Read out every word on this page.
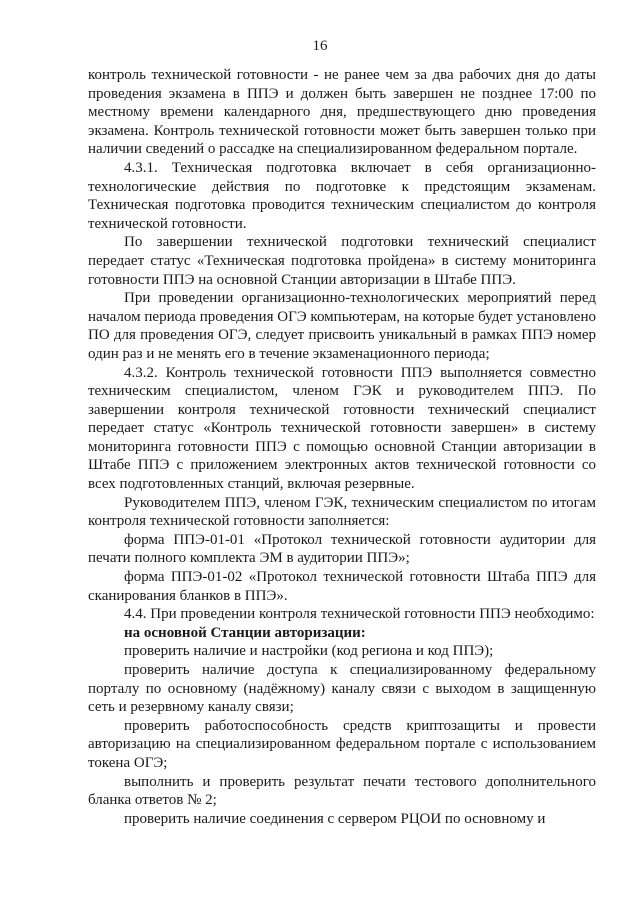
16

контроль технической готовности - не ранее чем за два рабочих дня до даты проведения экзамена в ППЭ и должен быть завершен не позднее 17:00 по местному времени календарного дня, предшествующего дню проведения экзамена. Контроль технической готовности может быть завершен только при наличии сведений о рассадке на специализированном федеральном портале.

4.3.1. Техническая подготовка включает в себя организационно-технологические действия по подготовке к предстоящим экзаменам. Техническая подготовка проводится техническим специалистом до контроля технической готовности.

По завершении технической подготовки технический специалист передает статус «Техническая подготовка пройдена» в систему мониторинга готовности ППЭ на основной Станции авторизации в Штабе ППЭ.

При проведении организационно-технологических мероприятий перед началом периода проведения ОГЭ компьютерам, на которые будет установлено ПО для проведения ОГЭ, следует присвоить уникальный в рамках ППЭ номер один раз и не менять его в течение экзаменационного периода;

4.3.2. Контроль технической готовности ППЭ выполняется совместно техническим специалистом, членом ГЭК и руководителем ППЭ. По завершении контроля технической готовности технический специалист передает статус «Контроль технической готовности завершен» в систему мониторинга готовности ППЭ с помощью основной Станции авторизации в Штабе ППЭ с приложением электронных актов технической готовности со всех подготовленных станций, включая резервные.

Руководителем ППЭ, членом ГЭК, техническим специалистом по итогам контроля технической готовности заполняется:

форма ППЭ-01-01 «Протокол технической готовности аудитории для печати полного комплекта ЭМ в аудитории ППЭ»;

форма ППЭ-01-02 «Протокол технической готовности Штаба ППЭ для сканирования бланков в ППЭ».

4.4. При проведении контроля технической готовности ППЭ необходимо:

на основной Станции авторизации:

проверить наличие и настройки (код региона и код ППЭ);

проверить наличие доступа к специализированному федеральному порталу по основному (надёжному) каналу связи с выходом в защищенную сеть и резервному каналу связи;

проверить работоспособность средств криптозащиты и провести авторизацию на специализированном федеральном портале с использованием токена ОГЭ;

выполнить и проверить результат печати тестового дополнительного бланка ответов № 2;

проверить наличие соединения с сервером РЦОИ по основному и
